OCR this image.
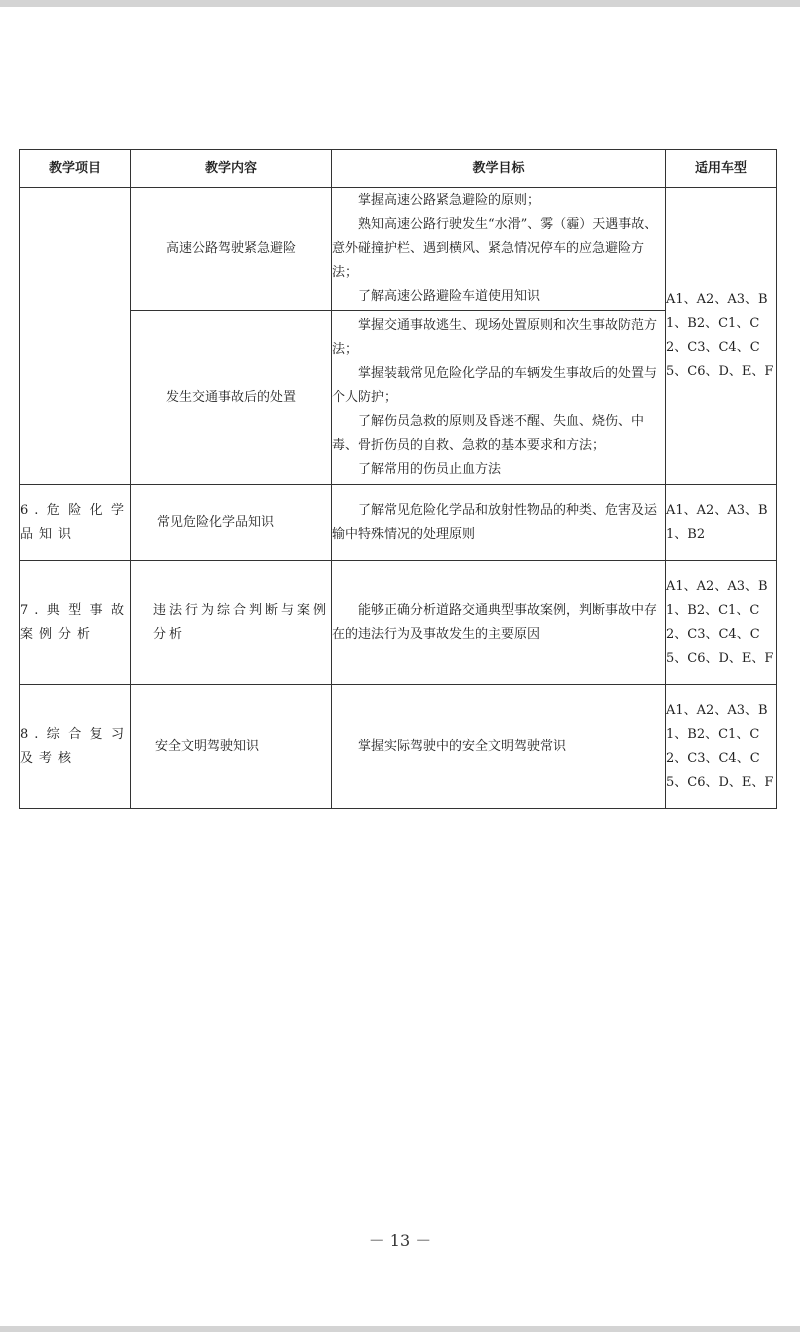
教学项目	教学内容	教学目标	适用车型
	高速公路驾驶紧急避险	掌握高速公路紧急避险的原则；
熟知高速公路行驶发生“水滑”、雾（霾）天遇事故、意外碰撞护栏、遇到横风、紧急情况停车的应急避险方法；
了解高速公路避险车道使用知识	A1、A2、A3、B1、B2、C1、C2、C3、C4、C5、C6、D、E、F
	发生交通事故后的处置	掌握交通事故逃生、现场处置原则和次生事故防范方法；
掌握装载常见危险化学品的车辆发生事故后的处置与个人防护；
了解伤员急救的原则及昏迷不醒、失血、烧伤、中毒、骨折伤员的自救、急救的基本要求和方法；
了解常用的伤员止血方法	

6.危险化学品知识	常见危险化学品知识	了解常见危险化学品和放射性物品的种类、危害及运输中特殊情况的处理原则	A1、A2、A3、B1、B2
7.典型事故案例分析	违法行为综合判断与案例分析	能够正确分析道路交通典型事故案例，判断事故中存在的违法行为及事故发生的主要原因	A1、A2、A3、B1、B2、C1、C2、C3、C4、C5、C6、D、E、F
8.综合复习及考核	安全文明驾驶知识	掌握实际驾驶中的安全文明驾驶常识	A1、A2、A3、B1、B2、C1、C2、C3、C4、C5、C6、D、E、F
－ 13 －
